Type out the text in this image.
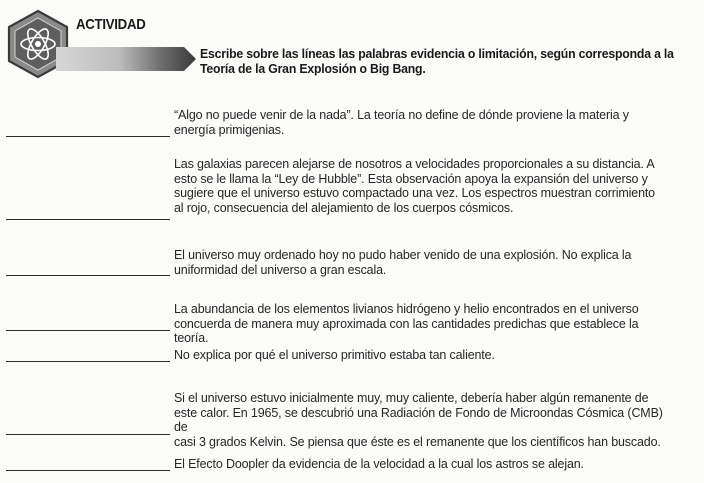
ACTIVIDAD
Escribe sobre las líneas las palabras evidencia o limitación, según corresponda a la
Teoría de la Gran Explosión o Big Bang.
“Algo no puede venir de la nada”. La teoría no define de dónde proviene la materia y
energía primigenias.
Las galaxias parecen alejarse de nosotros a velocidades proporcionales a su distancia. A
esto se le llama la “Ley de Hubble”. Esta observación apoya la expansión del universo y
sugiere que el universo estuvo compactado una vez. Los espectros muestran corrimiento
al rojo, consecuencia del alejamiento de los cuerpos cósmicos.
El universo muy ordenado hoy no pudo haber venido de una explosión. No explica la
uniformidad del universo a gran escala.
La abundancia de los elementos livianos hidrógeno y helio encontrados en el universo
concuerda de manera muy aproximada con las cantidades predichas que establece la teoría.
No explica por qué el universo primitivo estaba tan caliente.
Si el universo estuvo inicialmente muy, muy caliente, debería haber algún remanente de
este calor. En 1965, se descubrió una Radiación de Fondo de Microondas Cósmica (CMB) de
casi 3 grados Kelvin. Se piensa que éste es el remanente que los científicos han buscado.
El Efecto Doopler da evidencia de la velocidad a la cual los astros se alejan.
